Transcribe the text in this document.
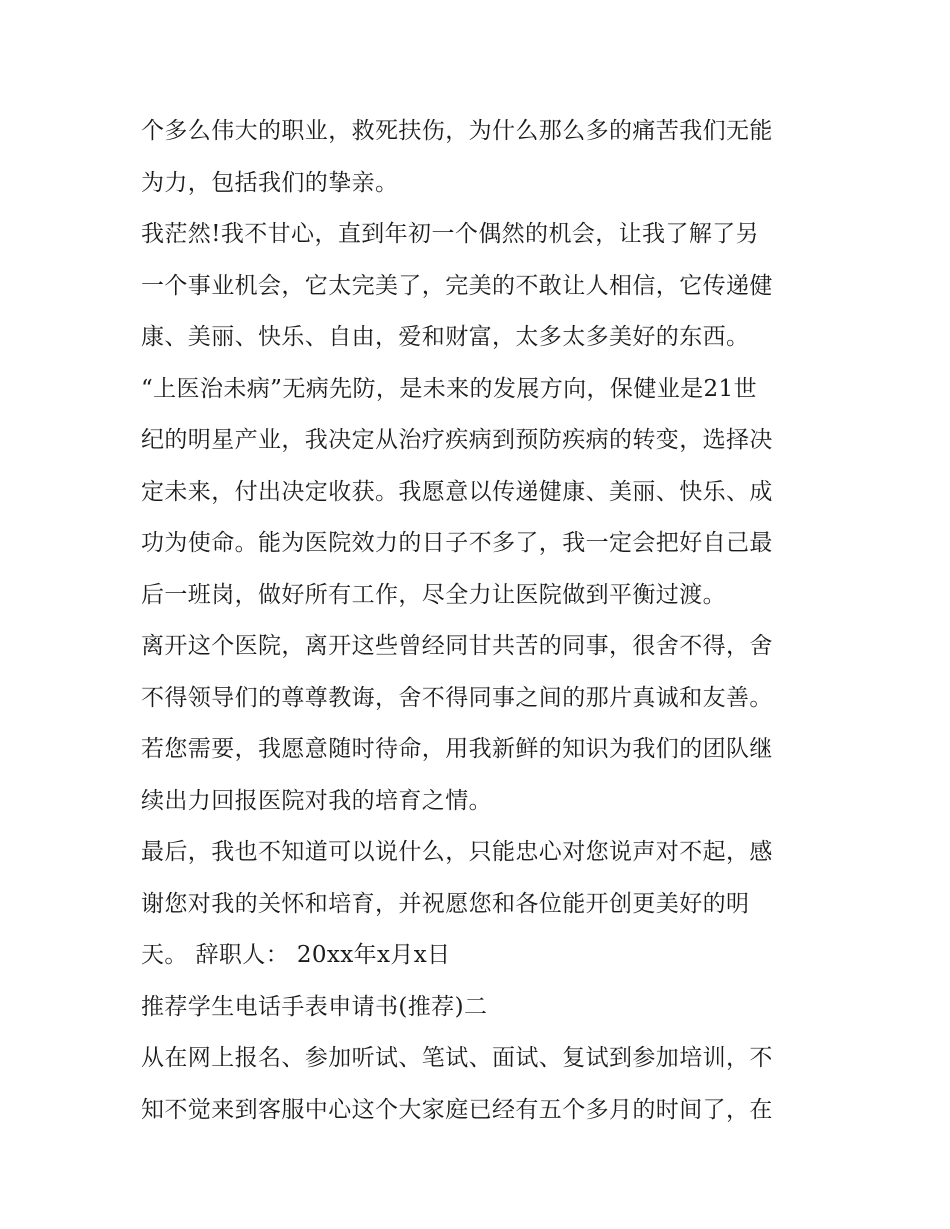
个多么伟大的职业，救死扶伤，为什么那么多的痛苦我们无能
为力，包括我们的挚亲。
我茫然!我不甘心，直到年初一个偶然的机会，让我了解了另
一个事业机会，它太完美了，完美的不敢让人相信，它传递健
康、美丽、快乐、自由，爱和财富，太多太多美好的东西。
“上医治未病”无病先防，是未来的发展方向，保健业是21世
纪的明星产业，我决定从治疗疾病到预防疾病的转变，选择决
定未来，付出决定收获。我愿意以传递健康、美丽、快乐、成
功为使命。能为医院效力的日子不多了，我一定会把好自己最
后一班岗，做好所有工作，尽全力让医院做到平衡过渡。
离开这个医院，离开这些曾经同甘共苦的同事，很舍不得，舍
不得领导们的尊尊教诲，舍不得同事之间的那片真诚和友善。
若您需要，我愿意随时待命，用我新鲜的知识为我们的团队继
续出力回报医院对我的培育之情。
最后，我也不知道可以说什么，只能忠心对您说声对不起，感
谢您对我的关怀和培育，并祝愿您和各位能开创更美好的明
天。 辞职人： 20xx年x月x日
推荐学生电话手表申请书(推荐)二
从在网上报名、参加听试、笔试、面试、复试到参加培训，不
知不觉来到客服中心这个大家庭已经有五个多月的时间了，在
